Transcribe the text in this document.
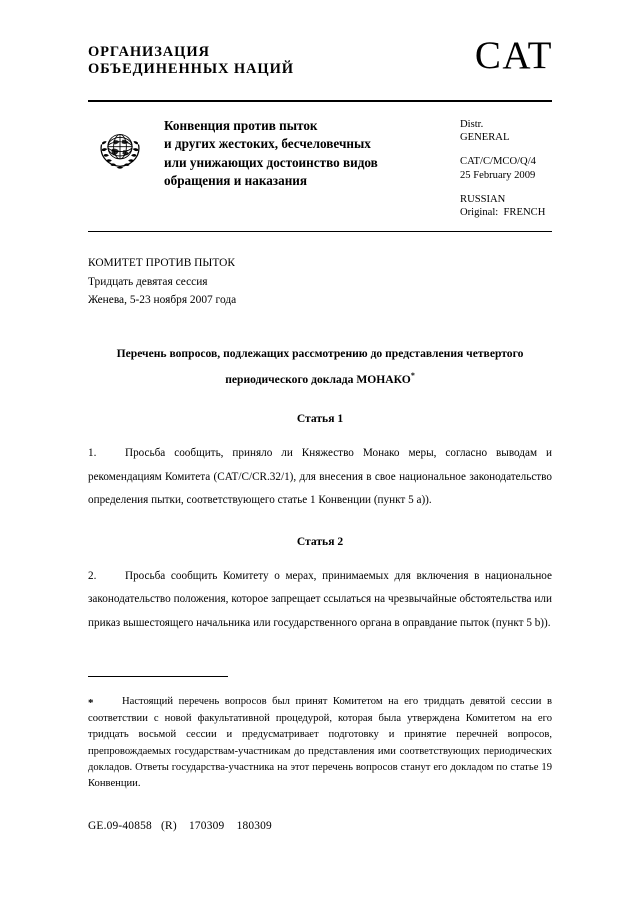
ОРГАНИЗАЦИЯ
ОБЪЕДИНЕННЫХ НАЦИЙ	CAT
Конвенция против пыток
и других жестоких, бесчеловечных
или унижающих достоинство видов
обращения и наказания
Distr.
GENERAL
CAT/C/MCO/Q/4
25 February 2009
RUSSIAN
Original:  FRENCH
КОМИТЕТ ПРОТИВ ПЫТОК
Тридцать девятая сессия
Женева, 5-23 ноября 2007 года
Перечень вопросов, подлежащих рассмотрению до представления четвертого
периодического доклада МОНАКО*
Статья 1
1.	Просьба сообщить, приняло ли Княжество Монако меры, согласно выводам и рекомендациям Комитета (CAT/C/CR.32/1), для внесения в свое национальное законодательство определения пытки, соответствующего статье 1 Конвенции (пункт 5 а)).
Статья 2
2.	Просьба сообщить Комитету о мерах, принимаемых для включения в национальное законодательство положения, которое запрещает ссылаться на чрезвычайные обстоятельства или приказ вышестоящего начальника или государственного органа в оправдание пыток (пункт 5 b)).
*	Настоящий перечень вопросов был принят Комитетом на его тридцать девятой сессии в соответствии с новой факультативной процедурой, которая была утверждена Комитетом на его тридцать восьмой сессии и предусматривает подготовку и принятие перечней вопросов, препровождаемых государствам-участникам до представления ими соответствующих периодических докладов. Ответы государства-участника на этот перечень вопросов станут его докладом по статье 19 Конвенции.
GE.09-40858   (R)    170309    180309
